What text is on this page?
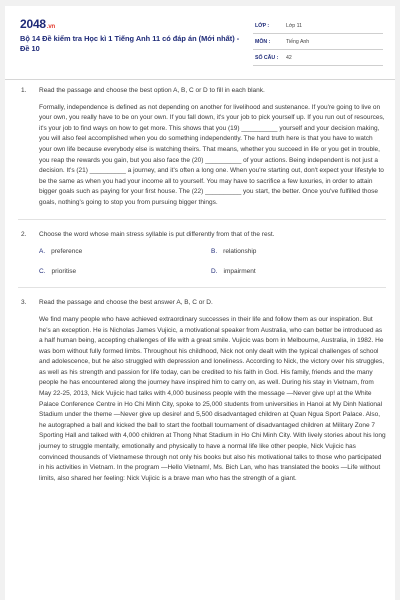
2048.vn
Bộ 14 Đề kiểm tra Học kì 1 Tiếng Anh 11 có đáp án (Mới nhất) - Đề 10
LỚP :	Lớp 11
MÔN :	Tiếng Anh
SỐ CÂU : 42
1. Read the passage and choose the best option A, B, C or D to fill in each blank.

Formally, independence is defined as not depending on another for livelihood and sustenance. If you're going to live on your own, you really have to be on your own. If you fall down, it's your job to pick yourself up. If you run out of resources, it's your job to find ways on how to get more. This shows that you (19) __________ yourself and your decision making, you will also feel accomplished when you do something independently. The hard truth here is that you have to watch your own life because everybody else is watching theirs. That means, whether you succeed in life or you get in trouble, you reap the rewards you gain, but you also face the (20) __________ of your actions. Being independent is not just a decision. It's (21) __________ a journey, and it's often a long one. When you're starting out, don't expect your lifestyle to be the same as when you had your income all to yourself. You may have to sacrifice a few luxuries, in order to attain bigger goals such as paying for your first house. The (22) __________ you start, the better. Once you've fulfilled those goals, nothing's going to stop you from pursuing bigger things.

2. Choose the word whose main stress syllable is put differently from that of the rest.
A. preference	B. relationship
C. prioritise	D. impairment
3. Read the passage and choose the best answer A, B, C or D.

We find many people who have achieved extraordinary successes in their life and follow them as our inspiration. But he's an exception. He is Nicholas James Vujicic, a motivational speaker from Australia, who can better be introduced as a half human being, accepting challenges of life with a great smile. Vujicic was born in Melbourne, Australia, in 1982. He was born without fully formed limbs. Throughout his childhood, Nick not only dealt with the typical challenges of school and adolescence, but he also struggled with depression and loneliness. According to Nick, the victory over his struggles, as well as his strength and passion for life today, can be credited to his faith in God. His family, friends and the many people he has encountered along the journey have inspired him to carry on, as well. During his stay in Vietnam, from May 22-25, 2013, Nick Vujicic had talks with 4,000 business people with the message —Never give up! at the White Palace Conference Centre in Ho Chi Minh City, spoke to 25,000 students from universities in Hanoi at My Dinh National Stadium under the theme —Never give up desire! and 5,500 disadvantaged children at Quan Ngua Sport Palace. Also, he autographed a ball and kicked the ball to start the football tournament of disadvantaged children at Military Zone 7 Sporting Hall and talked with 4,000 children at Thong Nhat Stadium in Ho Chi Minh City. With lively stories about his long journey to struggle mentally, emotionally and physically to have a normal life like other people, Nick Vujicic has convinced thousands of Vietnamese through not only his books but also his motivational talks to those who participated in his activities in Vietnam. In the program —Hello Vietnam!, Ms. Bich Lan, who has translated the books —Life without limits, also shared her feeling: Nick Vujicic is a brave man who has the strength of a giant.
